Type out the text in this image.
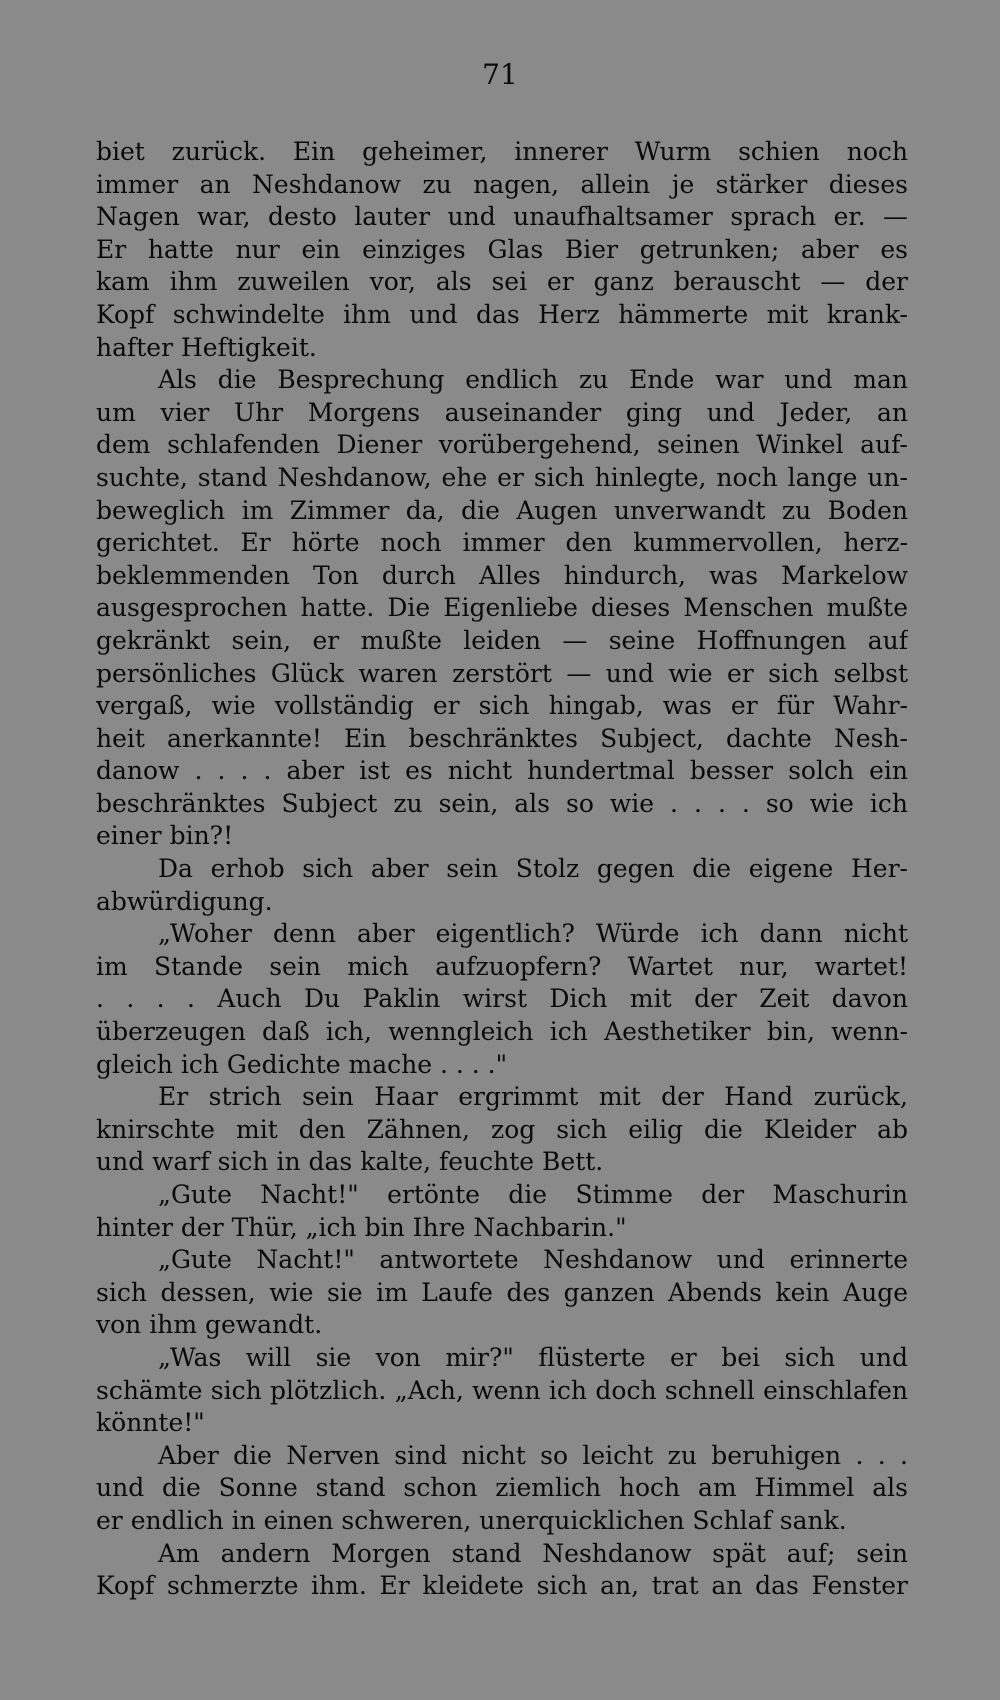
71
biet zurück. Ein geheimer, innerer Wurm schien noch
immer an Neshdanow zu nagen, allein je stärker dieses
Nagen war, desto lauter und unaufhaltsamer sprach er. —
Er hatte nur ein einziges Glas Bier getrunken; aber es
kam ihm zuweilen vor, als sei er ganz berauscht — der
Kopf schwindelte ihm und das Herz hämmerte mit krank-
hafter Heftigkeit.
Als die Besprechung endlich zu Ende war und man
um vier Uhr Morgens auseinander ging und Jeder, an
dem schlafenden Diener vorübergehend, seinen Winkel auf-
suchte, stand Neshdanow, ehe er sich hinlegte, noch lange un-
beweglich im Zimmer da, die Augen unverwandt zu Boden
gerichtet. Er hörte noch immer den kummervollen, herz-
beklemmenden Ton durch Alles hindurch, was Markelow
ausgesprochen hatte. Die Eigenliebe dieses Menschen mußte
gekränkt sein, er mußte leiden — seine Hoffnungen auf
persönliches Glück waren zerstört — und wie er sich selbst
vergaß, wie vollständig er sich hingab, was er für Wahr-
heit anerkannte! Ein beschränktes Subject, dachte Nesh-
danow . . . . aber ist es nicht hundertmal besser solch ein
beschränktes Subject zu sein, als so wie . . . . so wie ich
einer bin?!
Da erhob sich aber sein Stolz gegen die eigene Her-
abwürdigung.
„Woher denn aber eigentlich? Würde ich dann nicht
im Stande sein mich aufzuopfern? Wartet nur, wartet!
. . . . Auch Du Paklin wirst Dich mit der Zeit davon
überzeugen daß ich, wenngleich ich Aesthetiker bin, wenn-
gleich ich Gedichte mache . . . ."
Er strich sein Haar ergrimmt mit der Hand zurück,
knirschte mit den Zähnen, zog sich eilig die Kleider ab
und warf sich in das kalte, feuchte Bett.
„Gute Nacht!" ertönte die Stimme der Maschurin
hinter der Thür, „ich bin Ihre Nachbarin."
„Gute Nacht!" antwortete Neshdanow und erinnerte
sich dessen, wie sie im Laufe des ganzen Abends kein Auge
von ihm gewandt.
„Was will sie von mir?" flüsterte er bei sich und
schämte sich plötzlich. „Ach, wenn ich doch schnell einschlafen
könnte!"
Aber die Nerven sind nicht so leicht zu beruhigen . . .
und die Sonne stand schon ziemlich hoch am Himmel als
er endlich in einen schweren, unerquicklichen Schlaf sank.
Am andern Morgen stand Neshdanow spät auf; sein
Kopf schmerzte ihm. Er kleidete sich an, trat an das Fenster
